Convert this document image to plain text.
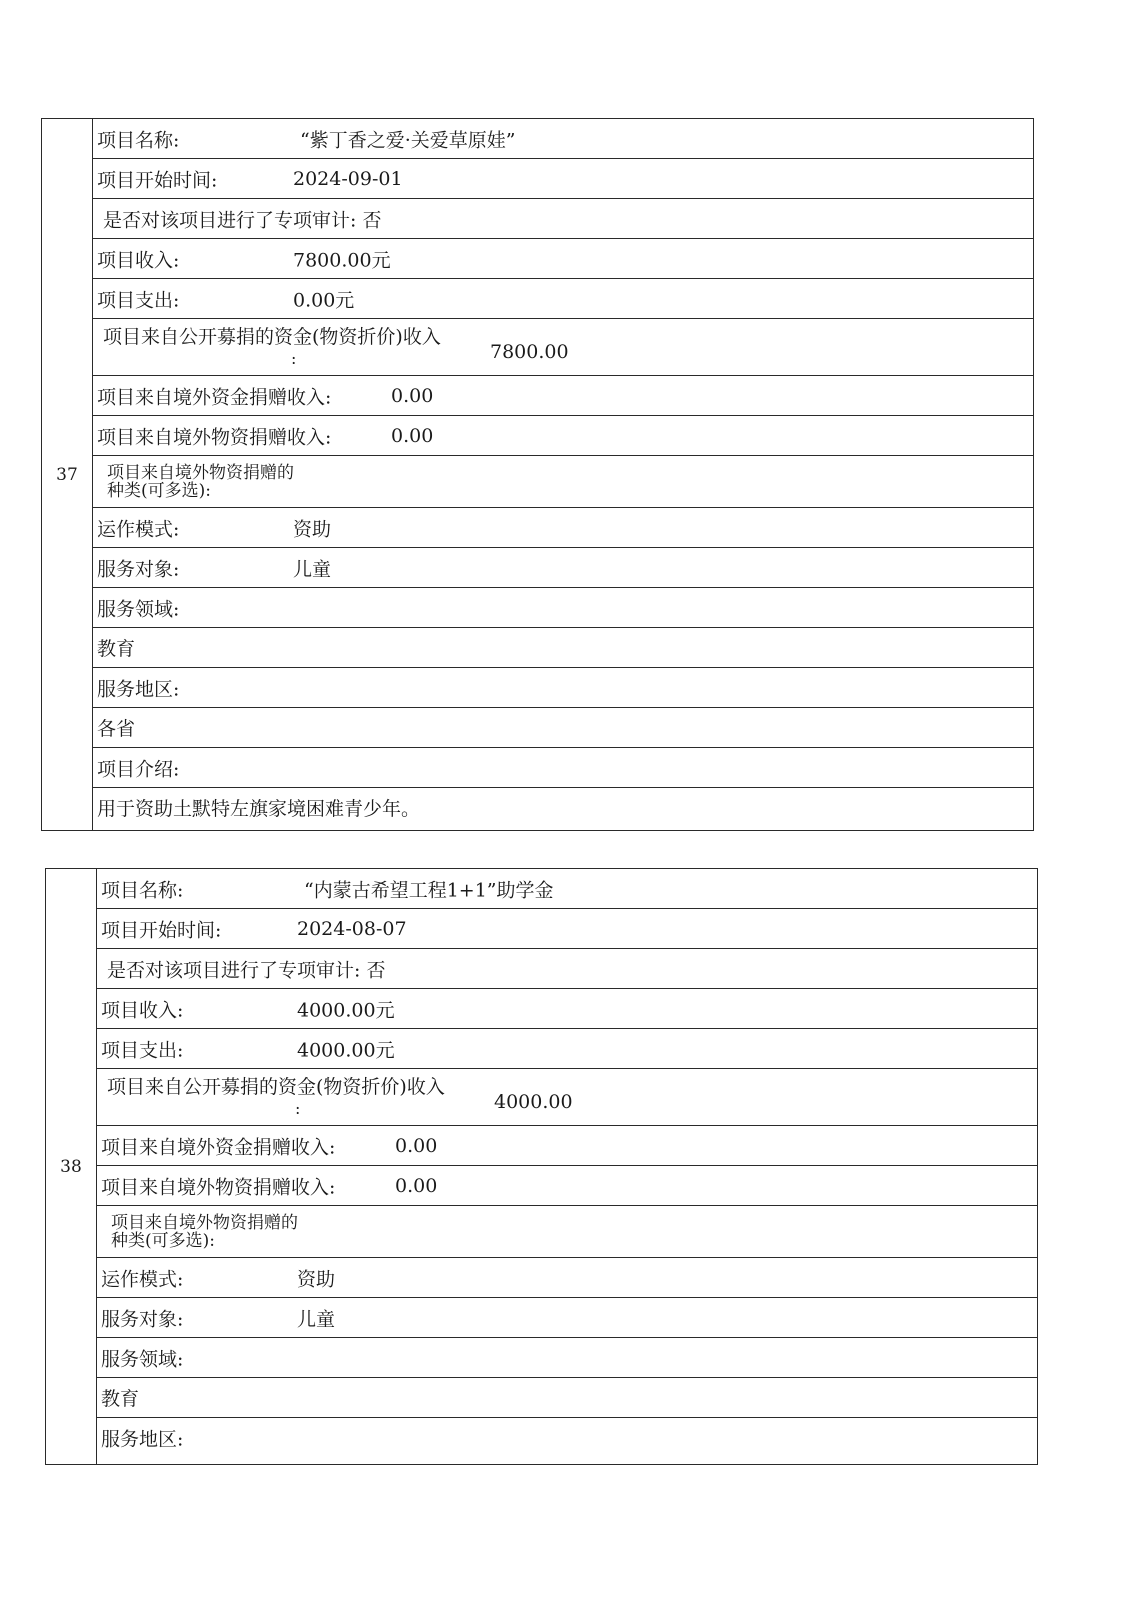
37
项目名称:	“紫丁香之爱·关爱草原娃”
项目开始时间:	2024-09-01
是否对该项目进行了专项审计: 否
项目收入:	7800.00元
项目支出:	0.00元
项目来自公开募捐的资金(物资折价)收入
:	7800.00
项目来自境外资金捐赠收入:	0.00
项目来自境外物资捐赠收入:	0.00
项目来自境外物资捐赠的种类(可多选):
运作模式:	资助
服务对象:	儿童
服务领域:
教育
服务地区:
各省
项目介绍:
用于资助土默特左旗家境困难青少年。
38
项目名称:	“内蒙古希望工程1+1”助学金
项目开始时间:	2024-08-07
是否对该项目进行了专项审计: 否
项目收入:	4000.00元
项目支出:	4000.00元
项目来自公开募捐的资金(物资折价)收入
:	4000.00
项目来自境外资金捐赠收入:	0.00
项目来自境外物资捐赠收入:	0.00
项目来自境外物资捐赠的种类(可多选):
运作模式:	资助
服务对象:	儿童
服务领域:
教育
服务地区:
